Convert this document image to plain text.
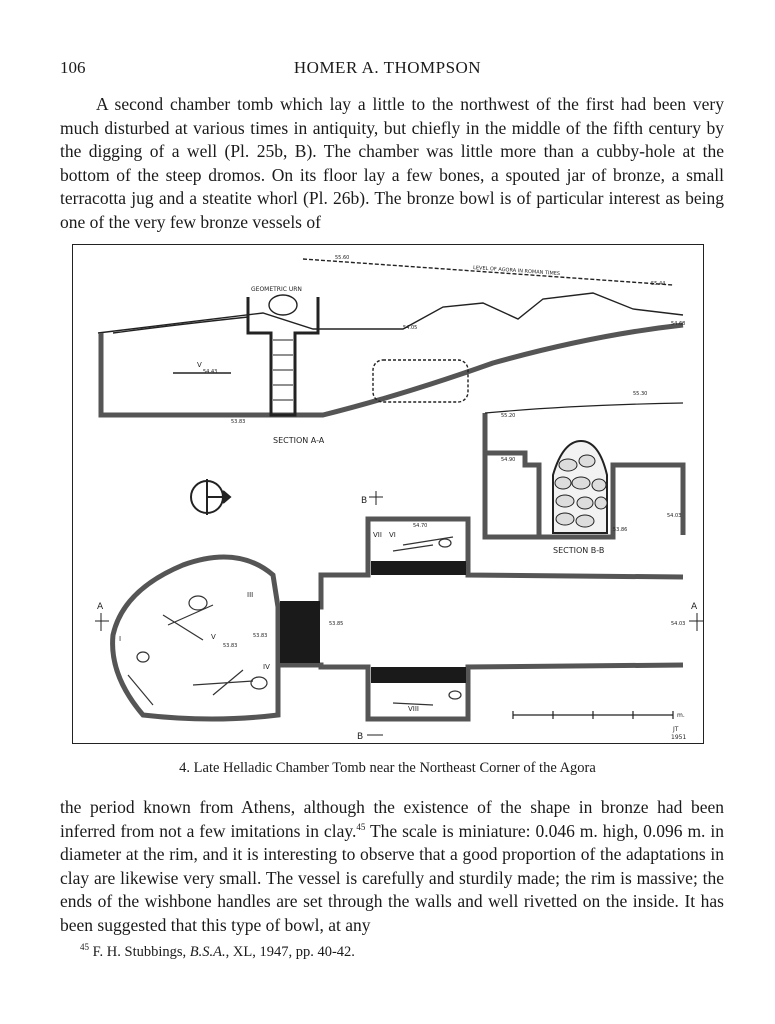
106	HOMER A. THOMPSON

A second chamber tomb which lay a little to the northwest of the first had been very much disturbed at various times in antiquity, but chiefly in the middle of the fifth century by the digging of a well (Pl. 25b, B). The chamber was little more than a cubby-hole at the bottom of the steep dromos. On its floor lay a few bones, a spouted jar of bronze, a small terracotta jug and a steatite whorl (Pl. 26b). The bronze bowl is of particular interest as being one of the very few bronze vessels of

LEVEL OF AGORA IN ROMAN TIMES
55.60
55.44
GEOMETRIC URN
54.05
54.68
V
54.43
53.83
SECTION A-A
55.30
55.20
54.90
53.86
54.03
SECTION B-B
III
IV
V
I
VII VI
VIII
54.70
53.83
53.83
53.85	54.03
A	A
B
B
m.
JT
1951
4. Late Helladic Chamber Tomb near the Northeast Corner of the Agora

the period known from Athens, although the existence of the shape in bronze had been inferred from not a few imitations in clay.$^{45}$ The scale is miniature: 0.046 m. high, 0.096 m. in diameter at the rim, and it is interesting to observe that a good proportion of the adaptations in clay are likewise very small. The vessel is carefully and sturdily made; the rim is massive; the ends of the wishbone handles are set through the walls and well rivetted on the inside. It has been suggested that this type of bowl, at any

$^{45}$ F. H. Stubbings, B.S.A., XL, 1947, pp. 40-42.
